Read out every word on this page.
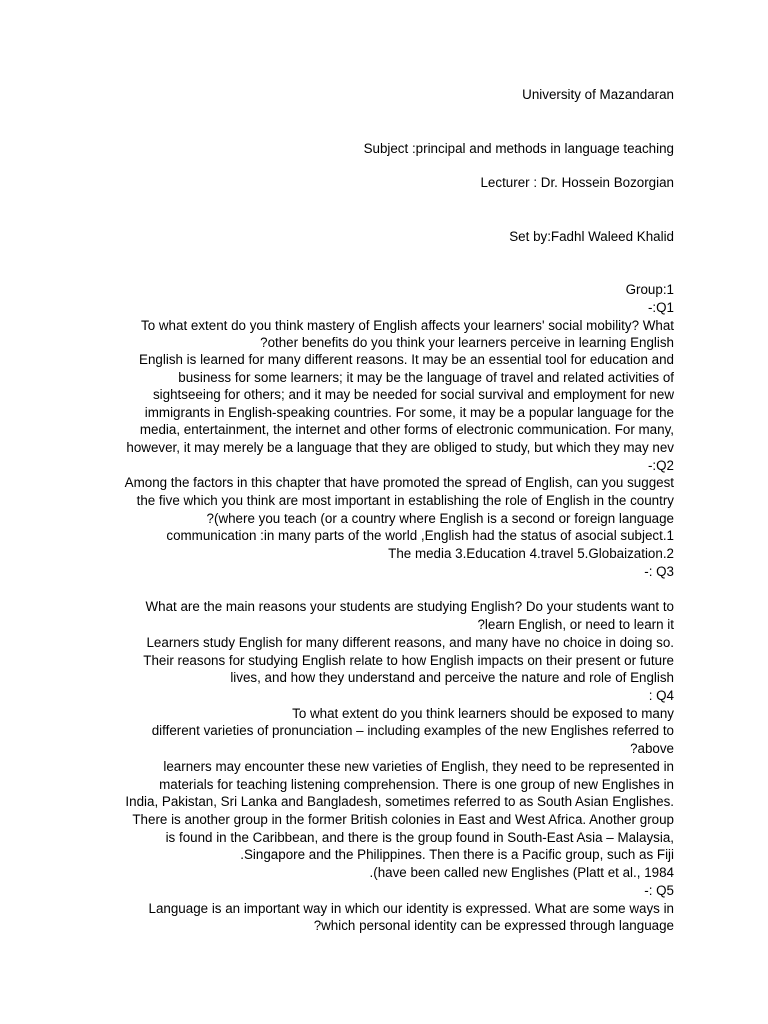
University of Mazandaran
Subject :principal and methods in language teaching
Lecturer : Dr. Hossein Bozorgian
Set by:Fadhl Waleed Khalid
Group:1
-:Q1
To what extent do you think mastery of English affects your learners' social mobility? What
?other benefits do you think your learners perceive in learning English
English is learned for many different reasons. It may be an essential tool for education and
business for some learners; it may be the language of travel and related activities of
sightseeing for others; and it may be needed for social survival and employment for new
immigrants in English-speaking countries. For some, it may be a popular language for the
media, entertainment, the internet and other forms of electronic communication. For many,
however, it may merely be a language that they are obliged to study, but which they may nev
-:Q2
Among the factors in this chapter that have promoted the spread of English, can you suggest
the five which you think are most important in establishing the role of English in the country
?(where you teach (or a country where English is a second or foreign language
communication :in many parts of the world ,English had the status of asocial subject.1
The media 3.Education 4.travel 5.Globaization.2
-: Q3
What are the main reasons your students are studying English? Do your students want to
?learn English, or need to learn it
Learners study English for many different reasons, and many have no choice in doing so.
Their reasons for studying English relate to how English impacts on their present or future
lives, and how they understand and perceive the nature and role of English
: Q4
To what extent do you think learners should be exposed to many
different varieties of pronunciation – including examples of the new Englishes referred to
?above
learners may encounter these new varieties of English, they need to be represented in
materials for teaching listening comprehension. There is one group of new Englishes in
India, Pakistan, Sri Lanka and Bangladesh, sometimes referred to as South Asian Englishes.
There is another group in the former British colonies in East and West Africa. Another group
is found in the Caribbean, and there is the group found in South-East Asia – Malaysia,
.Singapore and the Philippines. Then there is a Pacific group, such as Fiji
.(have been called new Englishes (Platt et al., 1984
-: Q5
Language is an important way in which our identity is expressed. What are some ways in
?which personal identity can be expressed through language
